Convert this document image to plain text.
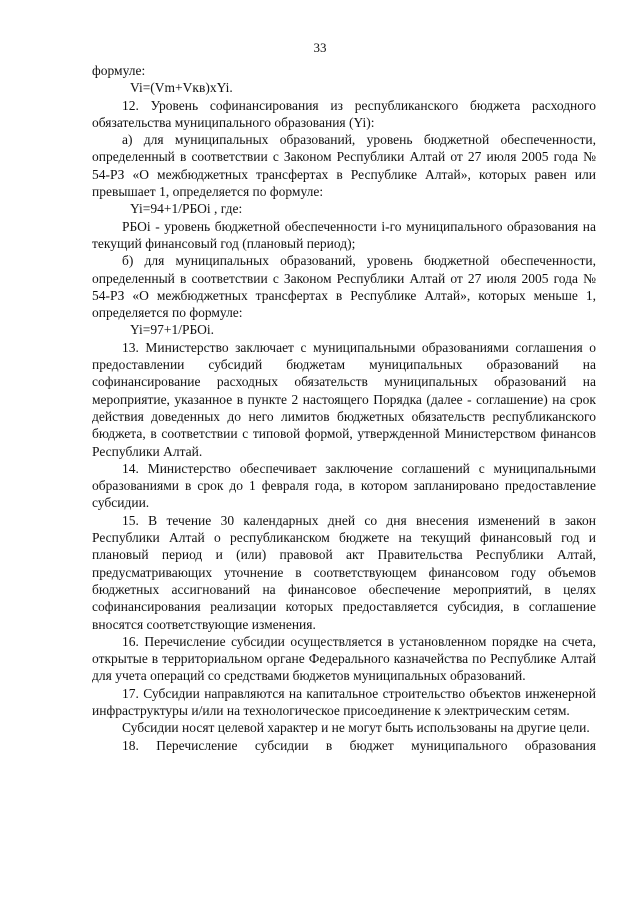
33

формуле:

Vi=(Vm+Vкв)xYi.

12. Уровень софинансирования из республиканского бюджета расходного обязательства муниципального образования (Yi):

а) для муниципальных образований, уровень бюджетной обеспеченности, определенный в соответствии с Законом Республики Алтай от 27 июля 2005 года № 54-РЗ «О межбюджетных трансфертах в Республике Алтай», которых равен или превышает 1, определяется по формуле:

Yi=94+1/РБОi , где:

РБОi - уровень бюджетной обеспеченности i-го муниципального образования на текущий финансовый год (плановый период);

б) для муниципальных образований, уровень бюджетной обеспеченности, определенный в соответствии с Законом Республики Алтай от 27 июля 2005 года № 54-РЗ «О межбюджетных трансфертах в Республике Алтай», которых меньше 1, определяется по формуле:

Yi=97+1/РБОi.

13. Министерство заключает с муниципальными образованиями соглашения о предоставлении субсидий бюджетам муниципальных образований на софинансирование расходных обязательств муниципальных образований на мероприятие, указанное в пункте 2 настоящего Порядка (далее - соглашение) на срок действия доведенных до него лимитов бюджетных обязательств республиканского бюджета, в соответствии с типовой формой, утвержденной Министерством финансов Республики Алтай.

14. Министерство обеспечивает заключение соглашений с муниципальными образованиями в срок до 1 февраля года, в котором запланировано предоставление субсидии.

15. В течение 30 календарных дней со дня внесения изменений в закон Республики Алтай о республиканском бюджете на текущий финансовый год и плановый период и (или) правовой акт Правительства Республики Алтай, предусматривающих уточнение в соответствующем финансовом году объемов бюджетных ассигнований на финансовое обеспечение мероприятий, в целях софинансирования реализации которых предоставляется субсидия, в соглашение вносятся соответствующие изменения.

16. Перечисление субсидии осуществляется в установленном порядке на счета, открытые в территориальном органе Федерального казначейства по Республике Алтай для учета операций со средствами бюджетов муниципальных образований.

17. Субсидии направляются на капитальное строительство объектов инженерной инфраструктуры и/или на технологическое присоединение к электрическим сетям.

Субсидии носят целевой характер и не могут быть использованы на другие цели.

18. Перечисление субсидии в бюджет муниципального образования
